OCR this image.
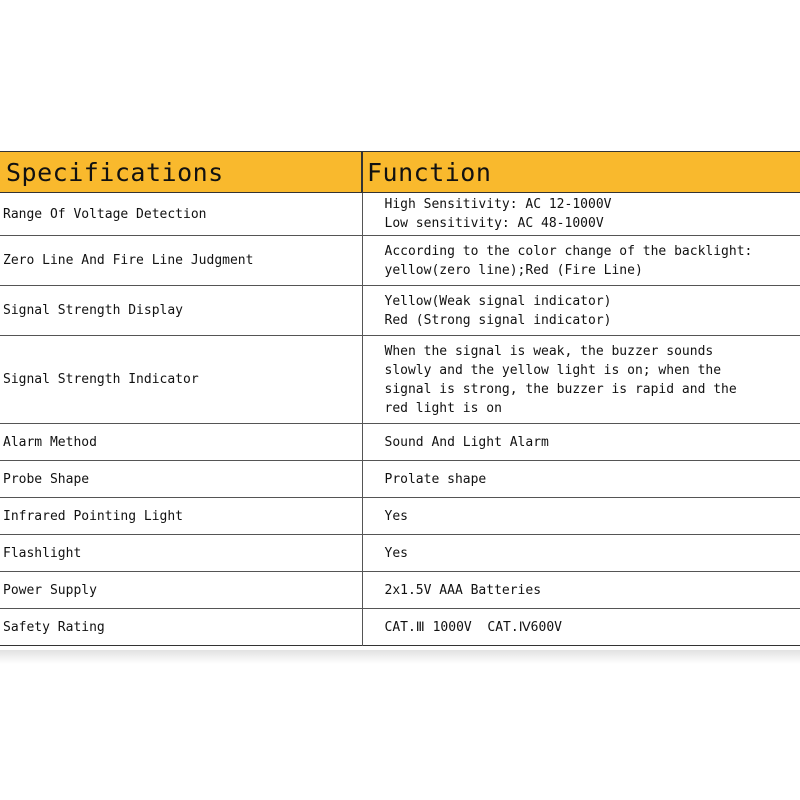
Specifications	Function
Range Of Voltage Detection	High Sensitivity: AC 12-1000V
Low sensitivity: AC 48-1000V

Zero Line And Fire Line Judgment	According to the color change of the backlight:
yellow(zero line);Red (Fire Line)

Signal Strength Display	Yellow(Weak signal indicator)
Red (Strong signal indicator)

Signal Strength Indicator	When the signal is weak, the buzzer sounds
slowly and the yellow light is on; when the
signal is strong, the buzzer is rapid and the
red light is on

Alarm Method	Sound And Light Alarm

Probe Shape	Prolate shape

Infrared Pointing Light	Yes

Flashlight	Yes

Power Supply	2x1.5V AAA Batteries

Safety Rating	CAT.Ⅲ 1000V  CAT.Ⅳ600V
